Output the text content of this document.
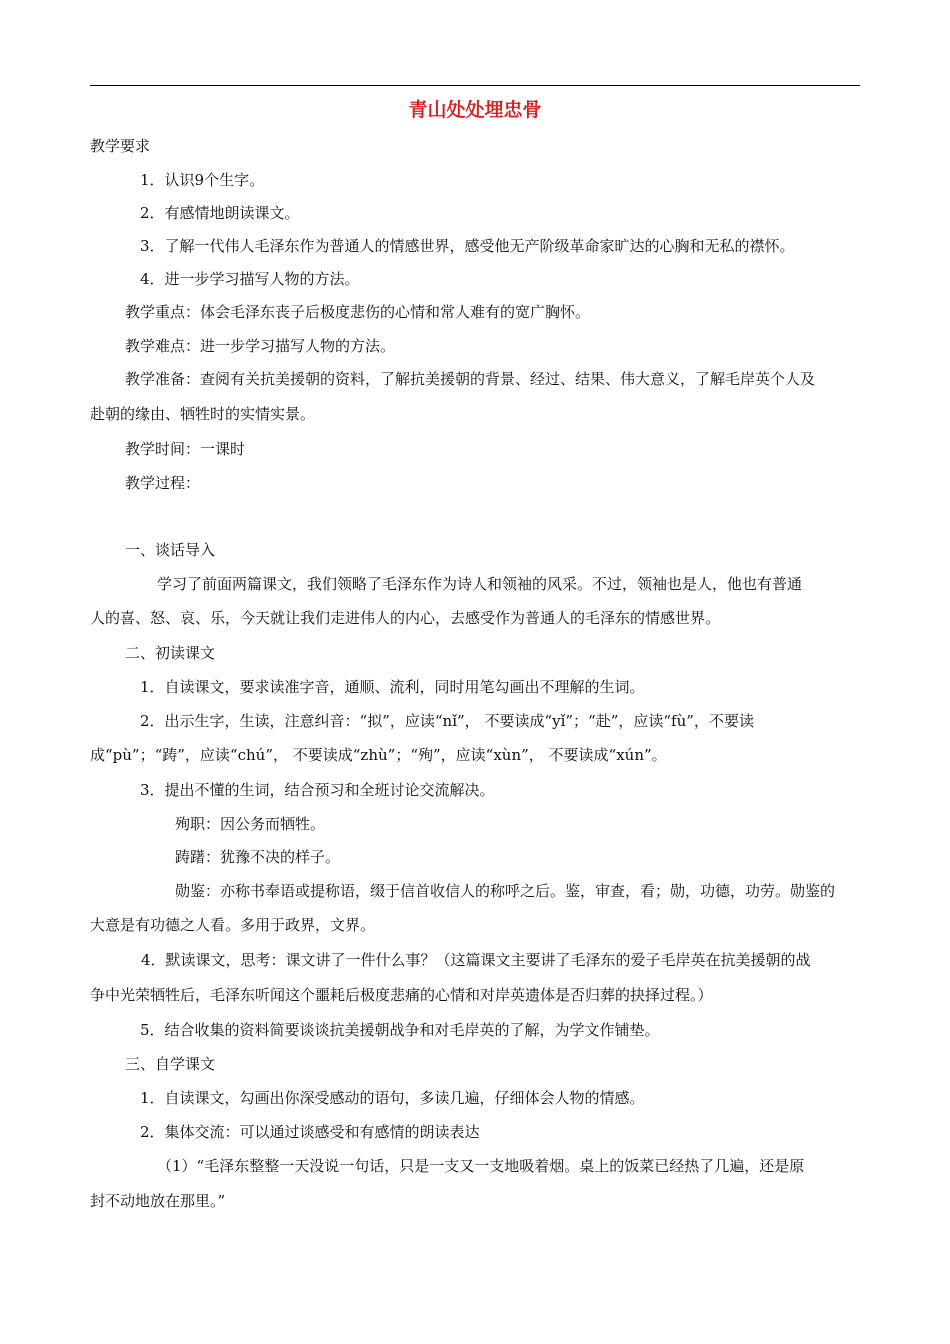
青山处处埋忠骨
教学要求
1．认识9个生字。
2．有感情地朗读课文。
3．了解一代伟人毛泽东作为普通人的情感世界，感受他无产阶级革命家旷达的心胸和无私的襟怀。
4．进一步学习描写人物的方法。
教学重点：体会毛泽东丧子后极度悲伤的心情和常人难有的宽广胸怀。
教学难点：进一步学习描写人物的方法。
教学准备：查阅有关抗美援朝的资料，了解抗美援朝的背景、经过、结果、伟大意义，了解毛岸英个人及
赴朝的缘由、牺牲时的实情实景。
教学时间：一课时
教学过程：
一、谈话导入
学习了前面两篇课文，我们领略了毛泽东作为诗人和领袖的风采。不过，领袖也是人，他也有普通
人的喜、怒、哀、乐，今天就让我们走进伟人的内心，去感受作为普通人的毛泽东的情感世界。
二、初读课文
1．自读课文，要求读准字音，通顺、流利，同时用笔勾画出不理解的生词。
2．出示生字，生读，注意纠音：“拟”，应读“nǐ”， 不要读成“yǐ”；“赴”，应读“fù”，不要读
成“pù”；“踌”，应读“chú”， 不要读成“zhù”；“殉”，应读“xùn”， 不要读成“xún”。
3．提出不懂的生词，结合预习和全班讨论交流解决。
殉职：因公务而牺牲。
踌躇：犹豫不决的样子。
勋鉴：亦称书奉语或提称语，缀于信首收信人的称呼之后。鉴，审查，看；勋，功德，功劳。勋鉴的
大意是有功德之人看。多用于政界，文界。
4．默读课文，思考：课文讲了一件什么事？（这篇课文主要讲了毛泽东的爱子毛岸英在抗美援朝的战
争中光荣牺牲后，毛泽东听闻这个噩耗后极度悲痛的心情和对岸英遗体是否归葬的抉择过程。）
5．结合收集的资料简要谈谈抗美援朝战争和对毛岸英的了解，为学文作铺垫。
三、自学课文
1．自读课文，勾画出你深受感动的语句，多读几遍，仔细体会人物的情感。
2．集体交流：可以通过谈感受和有感情的朗读表达
（1）“毛泽东整整一天没说一句话，只是一支又一支地吸着烟。桌上的饭菜已经热了几遍，还是原
封不动地放在那里。”
